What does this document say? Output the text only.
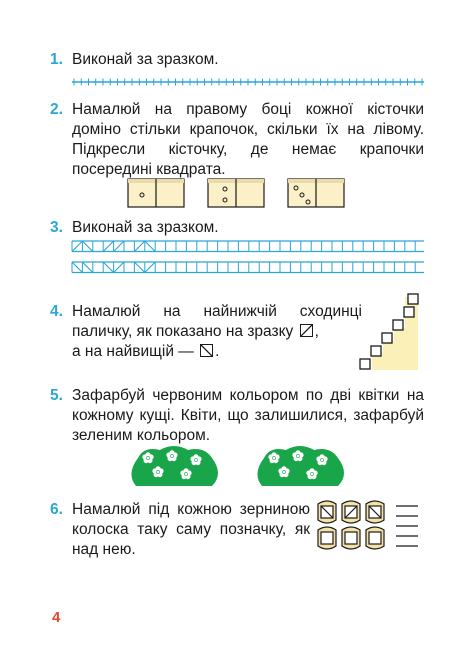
1. Виконай за зразком.
2. Намалюй на правому боці кожної кісточки доміно стільки крапочок, скільки їх на лівому. Підкресли кісточку, де немає крапочки посередині квадрата.
3. Виконай за зразком.
4. Намалюй на найнижчій сходинці
паличку, як показано на зразку ,
а на найвищій — .
5. Зафарбуй червоним кольором по дві квітки на кожному кущі. Квіти, що залишилися, зафарбуй зеленим кольором.
6. Намалюй під кожною зерниною колоска таку саму позначку, як над нею.
4
